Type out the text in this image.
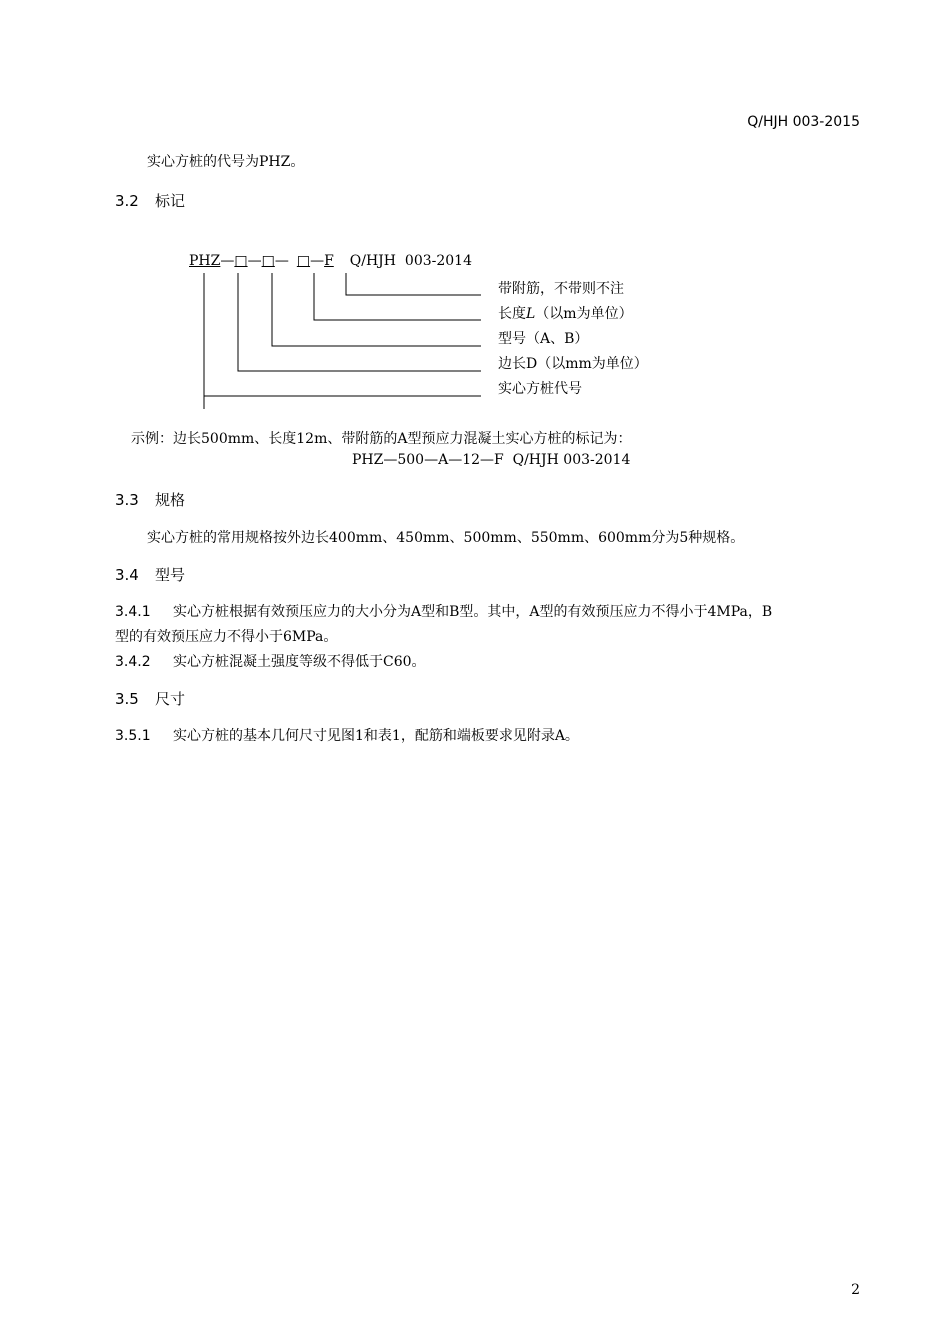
Q/HJH 003-2015
实心方桩的代号为PHZ。
3.2 标记
PHZ—□—□— □—F Q/HJH  003-2014
带附筋，不带则不注
长度L（以m为单位）
型号（A、B）
边长D（以mm为单位）
实心方桩代号
示例：边长500mm、长度12m、带附筋的A型预应力混凝土实心方桩的标记为：
PHZ—500—A—12—F  Q/HJH 003-2014
3.3 规格
实心方桩的常用规格按外边长400mm、450mm、500mm、550mm、600mm分为5种规格。
3.4 型号
3.4.1 实心方桩根据有效预压应力的大小分为A型和B型。其中，A型的有效预压应力不得小于4MPa，B
型的有效预压应力不得小于6MPa。
3.4.2 实心方桩混凝土强度等级不得低于C60。
3.5 尺寸
3.5.1 实心方桩的基本几何尺寸见图1和表1，配筋和端板要求见附录A。
2
